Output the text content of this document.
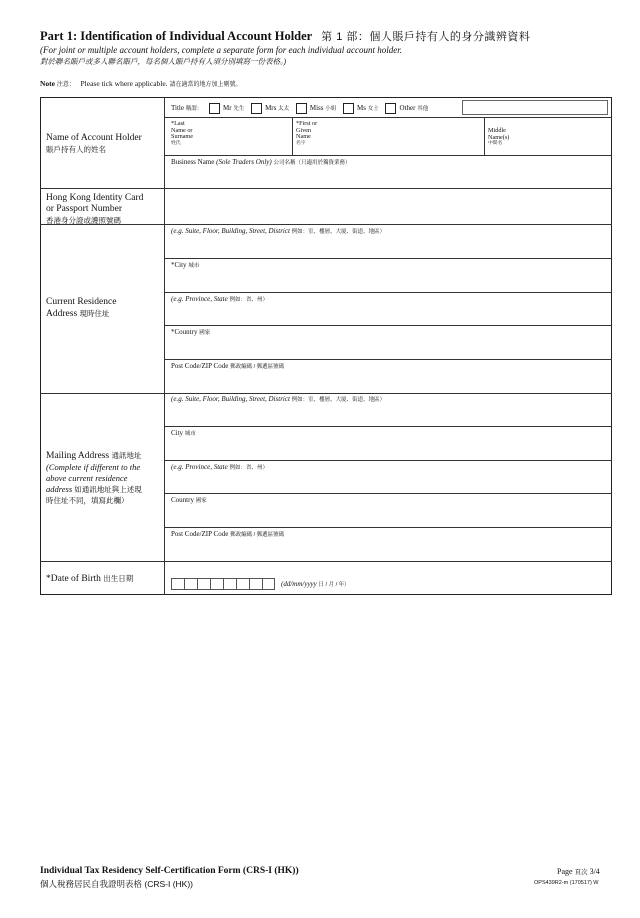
Part 1: Identification of Individual Account Holder 第 1 部：個人賬戶持有人的身分識辨資料
(For joint or multiple account holders, complete a separate form for each individual account holder.
對於聯名賬戶或多人聯名賬戶，每名個人賬戶持有人須分別填寫一份表格。)
Note 注意： Please tick where applicable. 請在適當的地方加上剔號。
Name of Account Holder
賬戶持有人的姓名
Title 稱謂：	Mr 先生	Mrs 太太	Miss 小姐	Ms 女士	Other 其他
*Last
Name or
Surname
姓氏
*First or
Given
Name
名字
Middle
Name(s)
中間名
Business Name (Sole Traders Only) 公司名稱（只適用於獨資業務）
Hong Kong Identity Card
or Passport Number
香港身分證或護照號碼
Current Residence
Address 現時住址
(e.g. Suite, Floor, Building, Street, District 例如：室、樓層、大廈、街道、地區）
*City 城市
(e.g. Province, State 例如：省、州）
*Country 國家
Post Code/ZIP Code 郵政編碼 / 郵遞區號碼
Mailing Address 通訊地址
(Complete if different to the
above current residence
address 如通訊地址與上述現
時住址不同，填寫此欄）
(e.g. Suite, Floor, Building, Street, District 例如：室、樓層、大廈、街道、地區）
City 城市
(e.g. Province, State 例如：省、州）
Country 國家
Post Code/ZIP Code 郵政編碼 / 郵遞區號碼
*Date of Birth 出生日期
(dd/mm/yyyy 日 / 月 / 年）
Individual Tax Residency Self-Certification Form (CRS-I (HK))
個人稅務居民自我證明表格 (CRS-I (HK))
Page 頁次 3/4
OPS439R2-m (170517) W
